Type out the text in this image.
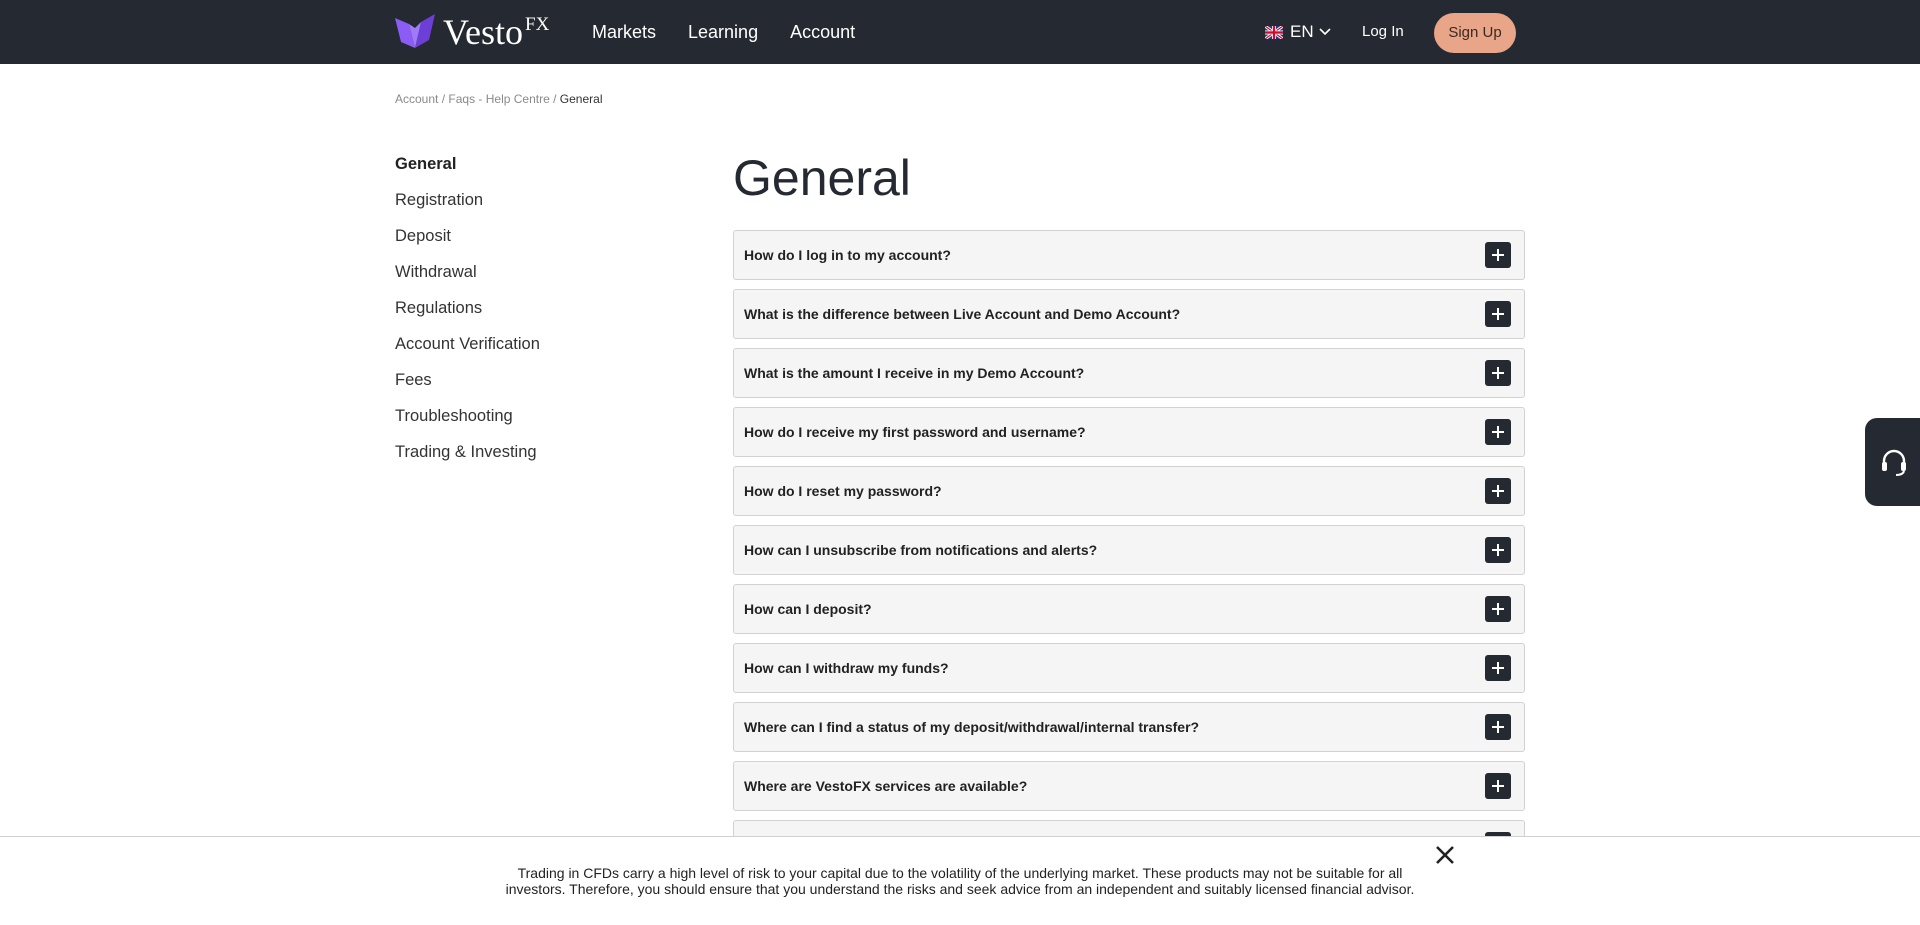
Vesto FX Markets Learning Account	EN	Log In	Sign Up
Account / Faqs - Help Centre / General
General
Registration
Deposit
Withdrawal
Regulations
Account Verification
Fees
Troubleshooting
Trading & Investing
General
How do I log in to my account?
What is the difference between Live Account and Demo Account?
What is the amount I receive in my Demo Account?
How do I receive my first password and username?
How do I reset my password?
How can I unsubscribe from notifications and alerts?
How can I deposit?
How can I withdraw my funds?
Where can I find a status of my deposit/withdrawal/internal transfer?
Where are VestoFX services are available?
Trading in CFDs carry a high level of risk to your capital due to the volatility of the underlying market. These products may not be suitable for all investors. Therefore, you should ensure that you understand the risks and seek advice from an independent and suitably licensed financial advisor.
